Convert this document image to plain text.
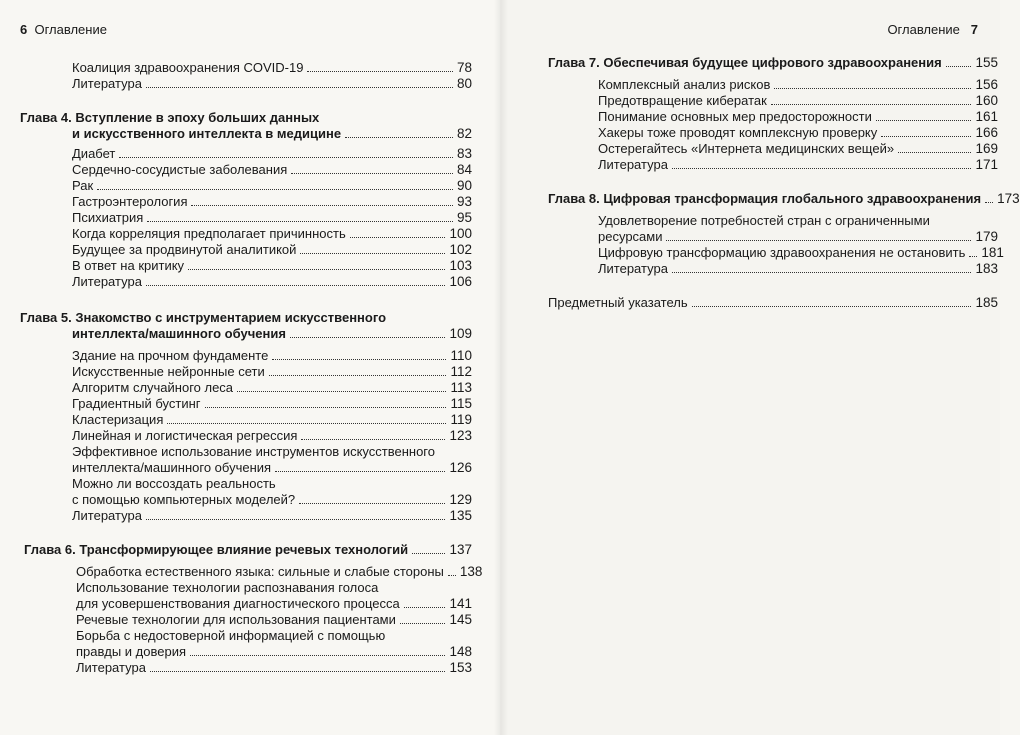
6 Оглавление	Оглавление 7
Коалиция здравоохранения COVID-19	78
Литература	80
Глава 4. Вступление в эпоху больших данных
и искусственного интеллекта в медицине	82
Диабет	83
Сердечно-сосудистые заболевания	84
Рак	90
Гастроэнтерология	93
Психиатрия	95
Когда корреляция предполагает причинность	100
Будущее за продвинутой аналитикой	102
В ответ на критику	103
Литература	106
Глава 5. Знакомство с инструментарием искусственного
интеллекта/машинного обучения	109
Здание на прочном фундаменте	110
Искусственные нейронные сети	112
Алгоритм случайного леса	113
Градиентный бустинг	115
Кластеризация	119
Линейная и логистическая регрессия	123
Эффективное использование инструментов искусственного
интеллекта/машинного обучения	126
Можно ли воссоздать реальность
с помощью компьютерных моделей?	129
Литература	135
Глава 6. Трансформирующее влияние речевых технологий	137
Обработка естественного языка: сильные и слабые стороны 138
Использование технологии распознавания голоса
для усовершенствования диагностического процесса	141
Речевые технологии для использования пациентами	145
Борьба с недостоверной информацией с помощью
правды и доверия	148
Литература	153
Глава 7. Обеспечивая будущее цифрового здравоохранения 155
Комплексный анализ рисков	156
Предотвращение кибератак	160
Понимание основных мер предосторожности	161
Хакеры тоже проводят комплексную проверку	166
Остерегайтесь «Интернета медицинских вещей»	169
Литература	171
Глава 8. Цифровая трансформация глобального здравоохранения 173
Удовлетворение потребностей стран с ограниченными
ресурсами	179
Цифровую трансформацию здравоохранения не остановить 181
Литература	183
Предметный указатель	185
